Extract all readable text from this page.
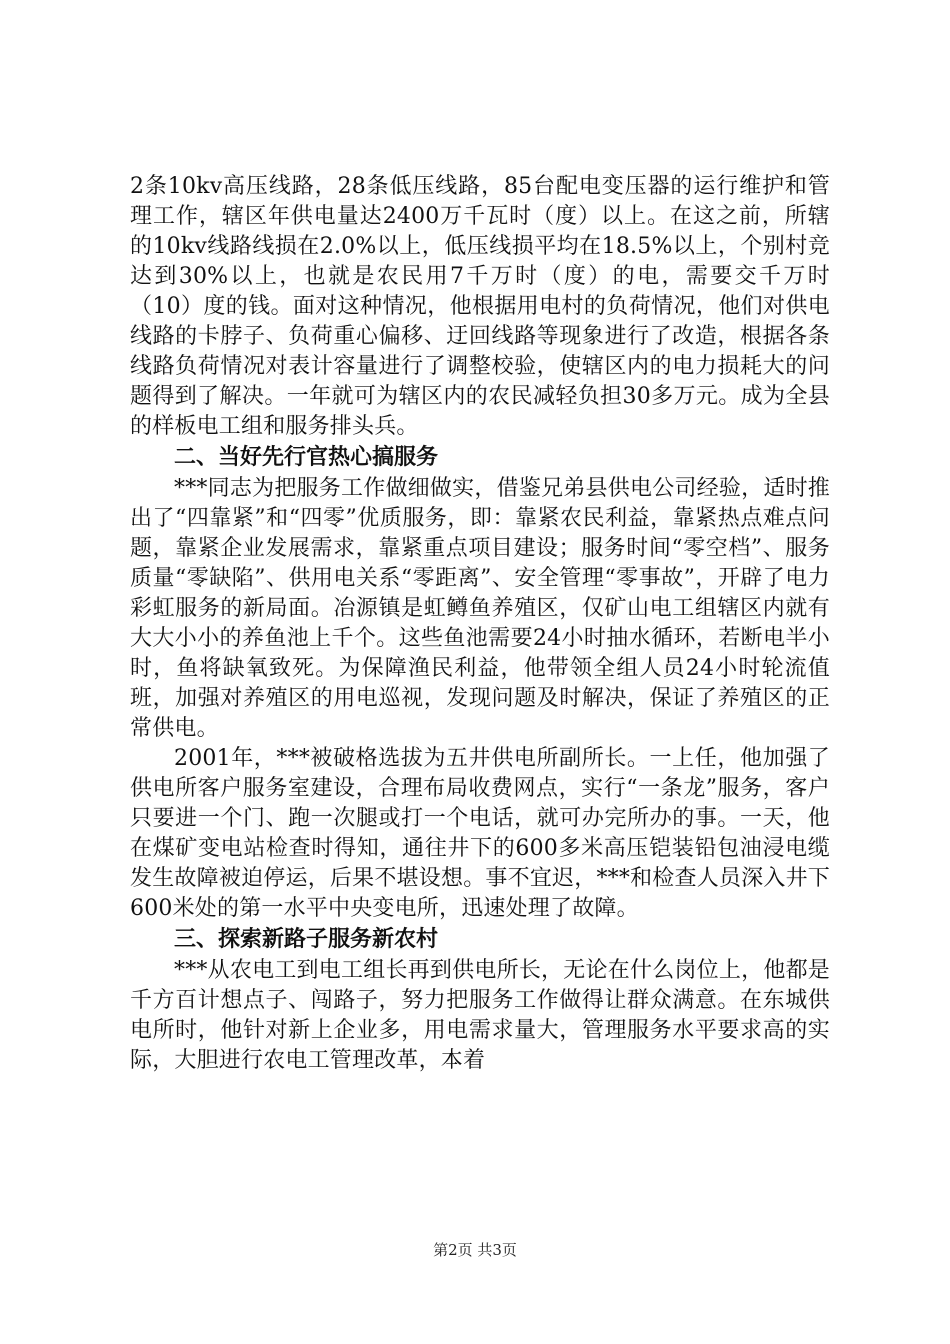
2条10kv高压线路，28条低压线路，85台配电变压器的运行维护和管理工作，辖区年供电量达2400万千瓦时（度）以上。在这之前，所辖的10kv线路线损在2.0%以上，低压线损平均在18.5%以上，个别村竞达到30%以上，也就是农民用7千万时（度）的电，需要交千万时（10）度的钱。面对这种情况，他根据用电村的负荷情况，他们对供电线路的卡脖子、负荷重心偏移、迂回线路等现象进行了改造，根据各条线路负荷情况对表计容量进行了调整校验，使辖区内的电力损耗大的问题得到了解决。一年就可为辖区内的农民减轻负担30多万元。成为全县的样板电工组和服务排头兵。

二、当好先行官热心搞服务

***同志为把服务工作做细做实，借鉴兄弟县供电公司经验，适时推出了“四靠紧”和“四零”优质服务，即：靠紧农民利益，靠紧热点难点问题，靠紧企业发展需求，靠紧重点项目建设；服务时间“零空档”、服务质量“零缺陷”、供用电关系“零距离”、安全管理“零事故”，开辟了电力彩虹服务的新局面。冶源镇是虹鳟鱼养殖区，仅矿山电工组辖区内就有大大小小的养鱼池上千个。这些鱼池需要24小时抽水循环，若断电半小时，鱼将缺氧致死。为保障渔民利益，他带领全组人员24小时轮流值班，加强对养殖区的用电巡视，发现问题及时解决，保证了养殖区的正常供电。

2001年，***被破格选拔为五井供电所副所长。一上任，他加强了供电所客户服务室建设，合理布局收费网点，实行“一条龙”服务，客户只要进一个门、跑一次腿或打一个电话，就可办完所办的事。一天，他在煤矿变电站检查时得知，通往井下的600多米高压铠装铅包油浸电缆发生故障被迫停运，后果不堪设想。事不宜迟，***和检查人员深入井下600米处的第一水平中央变电所，迅速处理了故障。

三、探索新路子服务新农村

***从农电工到电工组长再到供电所长，无论在什么岗位上，他都是千方百计想点子、闯路子，努力把服务工作做得让群众满意。在东城供电所时，他针对新上企业多，用电需求量大，管理服务水平要求高的实际，大胆进行农电工管理改革，本着

第2页 共3页
